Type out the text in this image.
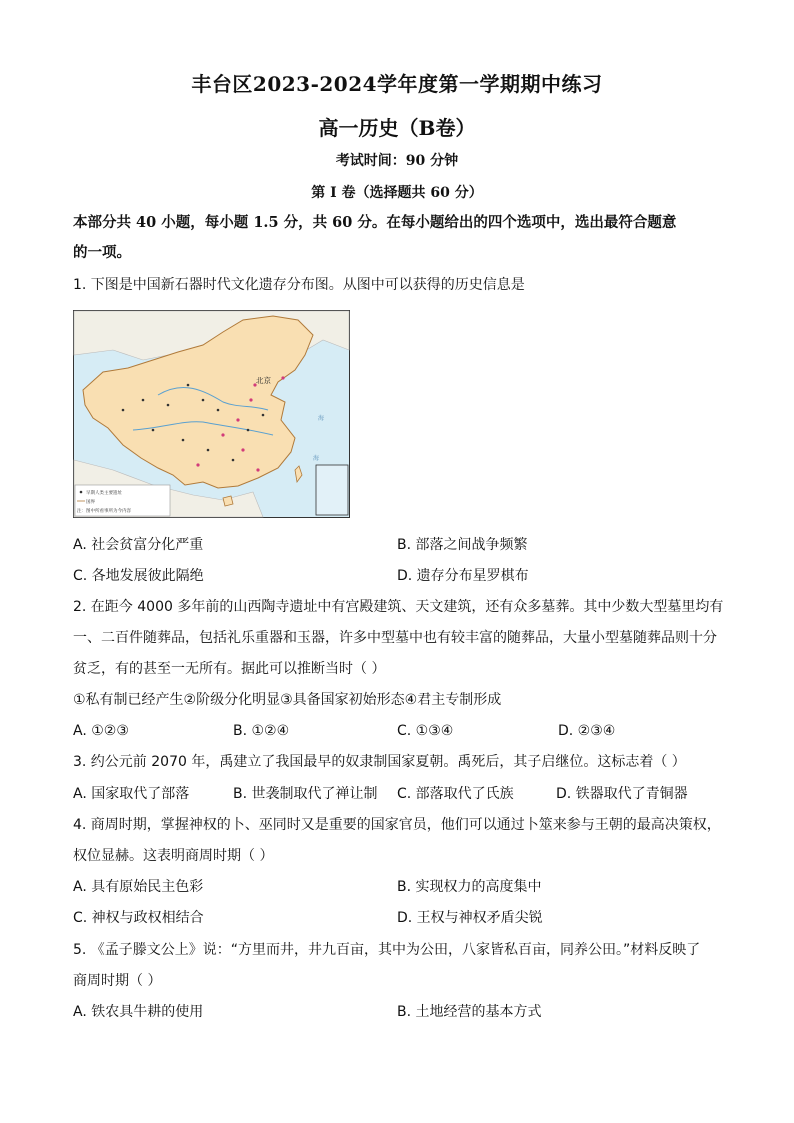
丰台区2023-2024学年度第一学期期中练习
高一历史（B卷）
考试时间：90 分钟
第 I 卷（选择题共 60 分）
本部分共 40 小题，每小题 1.5 分，共 60 分。在每小题给出的四个选项中，选出最符合题意
的一项。
1. 下图是中国新石器时代文化遗存分布图。从图中可以获得的历史信息是
海
海
北京
早期人类主要遗址
国界
注：图中所看事所为今内容
A. 社会贫富分化严重	B. 部落之间战争频繁
C. 各地发展彼此隔绝	D. 遗存分布星罗棋布
2. 在距今 4000 多年前的山西陶寺遗址中有宫殿建筑、天文建筑，还有众多墓葬。其中少数大型墓里均有
一、二百件随葬品，包括礼乐重器和玉器，许多中型墓中也有较丰富的随葬品，大量小型墓随葬品则十分
贫乏，有的甚至一无所有。据此可以推断当时（ ）
①私有制已经产生②阶级分化明显③具备国家初始形态④君主专制形成
A. ①②③	B. ①②④	C. ①③④	D. ②③④
3. 约公元前 2070 年，禹建立了我国最早的奴隶制国家夏朝。禹死后，其子启继位。这标志着（ ）
A. 国家取代了部落	B. 世袭制取代了禅让制 C. 部落取代了氏族	D. 铁器取代了青铜器
4. 商周时期，掌握神权的卜、巫同时又是重要的国家官员，他们可以通过卜筮来参与王朝的最高决策权，
权位显赫。这表明商周时期（ ）
A. 具有原始民主色彩	B. 实现权力的高度集中
C. 神权与政权相结合	D. 王权与神权矛盾尖锐
5. 《孟子滕文公上》说：“方里而井，井九百亩，其中为公田，八家皆私百亩，同养公田。”材料反映了
商周时期（ ）
A. 铁农具牛耕的使用	B. 土地经营的基本方式
